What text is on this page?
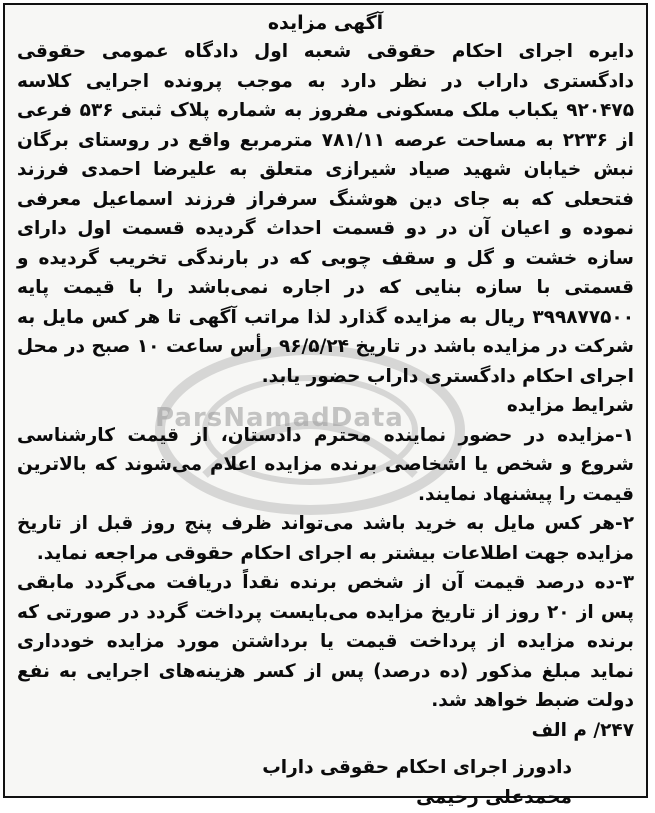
ParsNamadData
آگهی مزایده

دایره اجرای احکام حقوقی شعبه اول دادگاه عمومی حقوقی دادگستری داراب در نظر دارد به موجب پرونده اجرایی کلاسه ۹۲۰۴۷۵ یکباب ملک مسکونی مفروز به شماره پلاک ثبتی ۵۳۶ فرعی از ۲۲۳۶ به مساحت عرصه ۷۸۱/۱۱ مترمربع واقع در روستای برگان نبش خیابان شهید صیاد شیرازی متعلق به علیرضا احمدی فرزند فتحعلی که به جای دین هوشنگ سرفراز فرزند اسماعیل معرفی نموده و اعیان آن در دو قسمت احداث گردیده قسمت اول دارای سازه خشت و گل و سقف چوبی که در بارندگی تخریب گردیده و قسمتی با سازه بنایی که در اجاره نمی‌باشد را با قیمت پایه ۳۹۹۸۷۷۵۰۰ ریال به مزایده گذارد لذا مراتب آگهی تا هر کس مایل به شرکت در مزایده باشد در تاریخ ۹۶/۵/۲۴ رأس ساعت ۱۰ صبح در محل اجرای احکام دادگستری داراب حضور یابد.

شرایط مزایده
۱-مزایده در حضور نماینده محترم دادستان، از قیمت کارشناسی شروع و شخص یا اشخاصی برنده مزایده اعلام می‌شوند که بالاترین قیمت را پیشنهاد نمایند.
۲-هر کس مایل به خرید باشد می‌تواند ظرف پنج روز قبل از تاریخ مزایده جهت اطلاعات بیشتر به اجرای احکام حقوقی مراجعه نماید.
۳-ده درصد قیمت آن از شخص برنده نقداً دریافت می‌گردد مابقی پس از ۲۰ روز از تاریخ مزایده می‌بایست پرداخت گردد در صورتی که برنده مزایده از پرداخت قیمت یا برداشتن مورد مزایده خودداری نماید مبلغ مذکور (ده درصد) پس از کسر هزینه‌های اجرایی به نفع دولت ضبط خواهد شد.

۲۴۷/ م الف

دادورز اجرای احکام حقوقی داراب
محمدعلی رحیمی
